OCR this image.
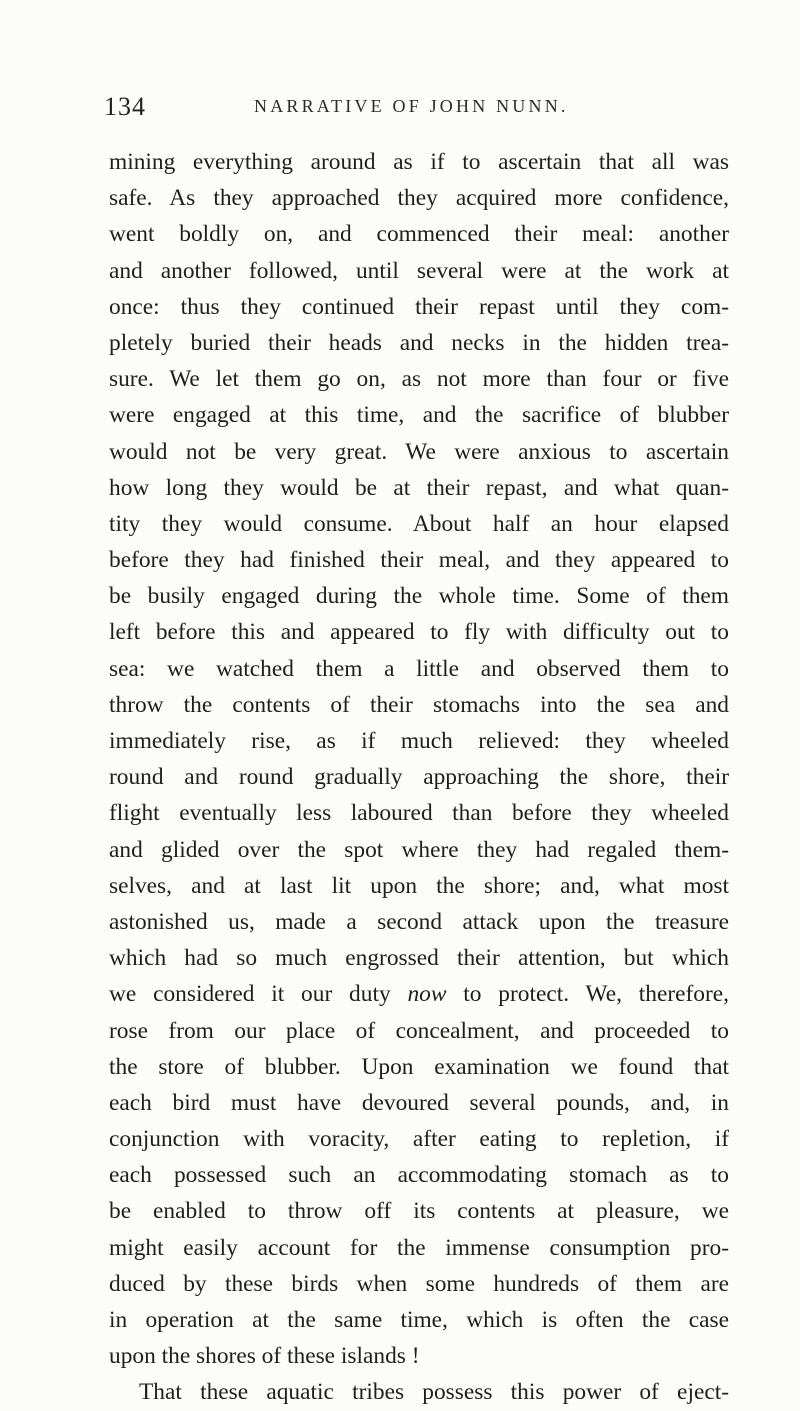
134	NARRATIVE OF JOHN NUNN.
mining everything around as if to ascertain that all was
safe. As they approached they acquired more confidence,
went boldly on, and commenced their meal: another
and another followed, until several were at the work at
once: thus they continued their repast until they com-
pletely buried their heads and necks in the hidden trea-
sure. We let them go on, as not more than four or five
were engaged at this time, and the sacrifice of blubber
would not be very great. We were anxious to ascertain
how long they would be at their repast, and what quan-
tity they would consume. About half an hour elapsed
before they had finished their meal, and they appeared to
be busily engaged during the whole time. Some of them
left before this and appeared to fly with difficulty out to
sea: we watched them a little and observed them to
throw the contents of their stomachs into the sea and
immediately rise, as if much relieved: they wheeled
round and round gradually approaching the shore, their
flight eventually less laboured than before they wheeled
and glided over the spot where they had regaled them-
selves, and at last lit upon the shore; and, what most
astonished us, made a second attack upon the treasure
which had so much engrossed their attention, but which
we considered it our duty now to protect. We, therefore,
rose from our place of concealment, and proceeded to
the store of blubber. Upon examination we found that
each bird must have devoured several pounds, and, in
conjunction with voracity, after eating to repletion, if
each possessed such an accommodating stomach as to
be enabled to throw off its contents at pleasure, we
might easily account for the immense consumption pro-
duced by these birds when some hundreds of them are
in operation at the same time, which is often the case
upon the shores of these islands !
That these aquatic tribes possess this power of eject-
